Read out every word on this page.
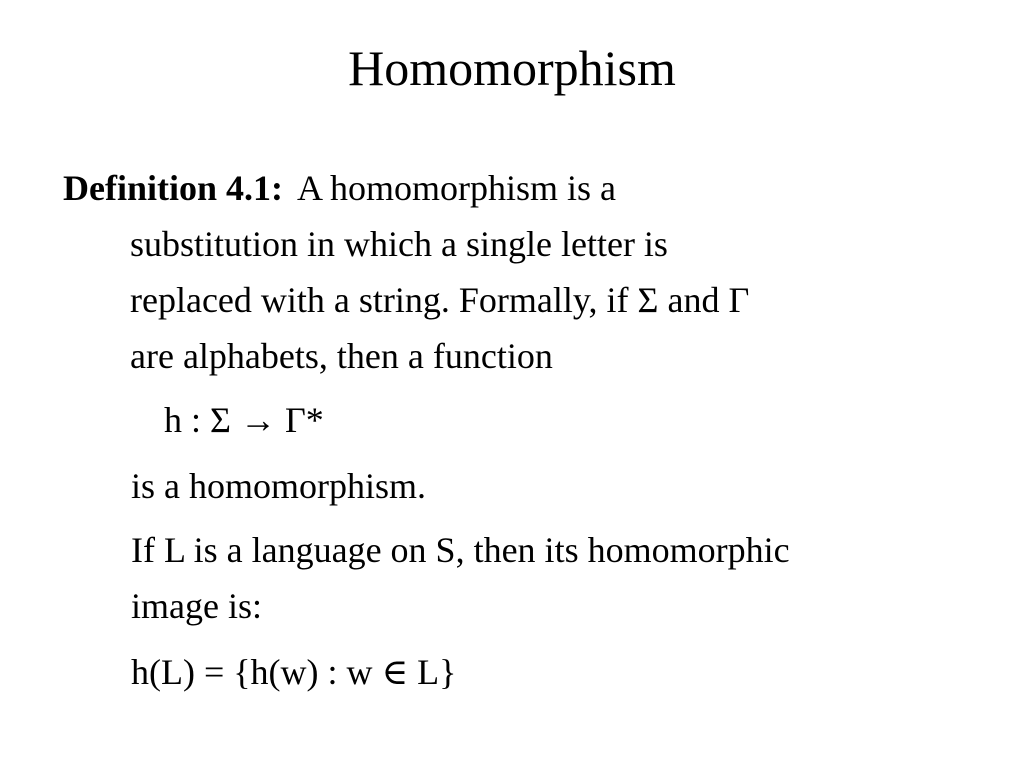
Homomorphism
Definition 4.1: A homomorphism is a
substitution in which a single letter is
replaced with a string. Formally, if Σ and Γ
are alphabets, then a function
h : Σ → Γ*
is a homomorphism.
If L is a language on S, then its homomorphic
image is:
h(L) = {h(w) : w ∈ L}
